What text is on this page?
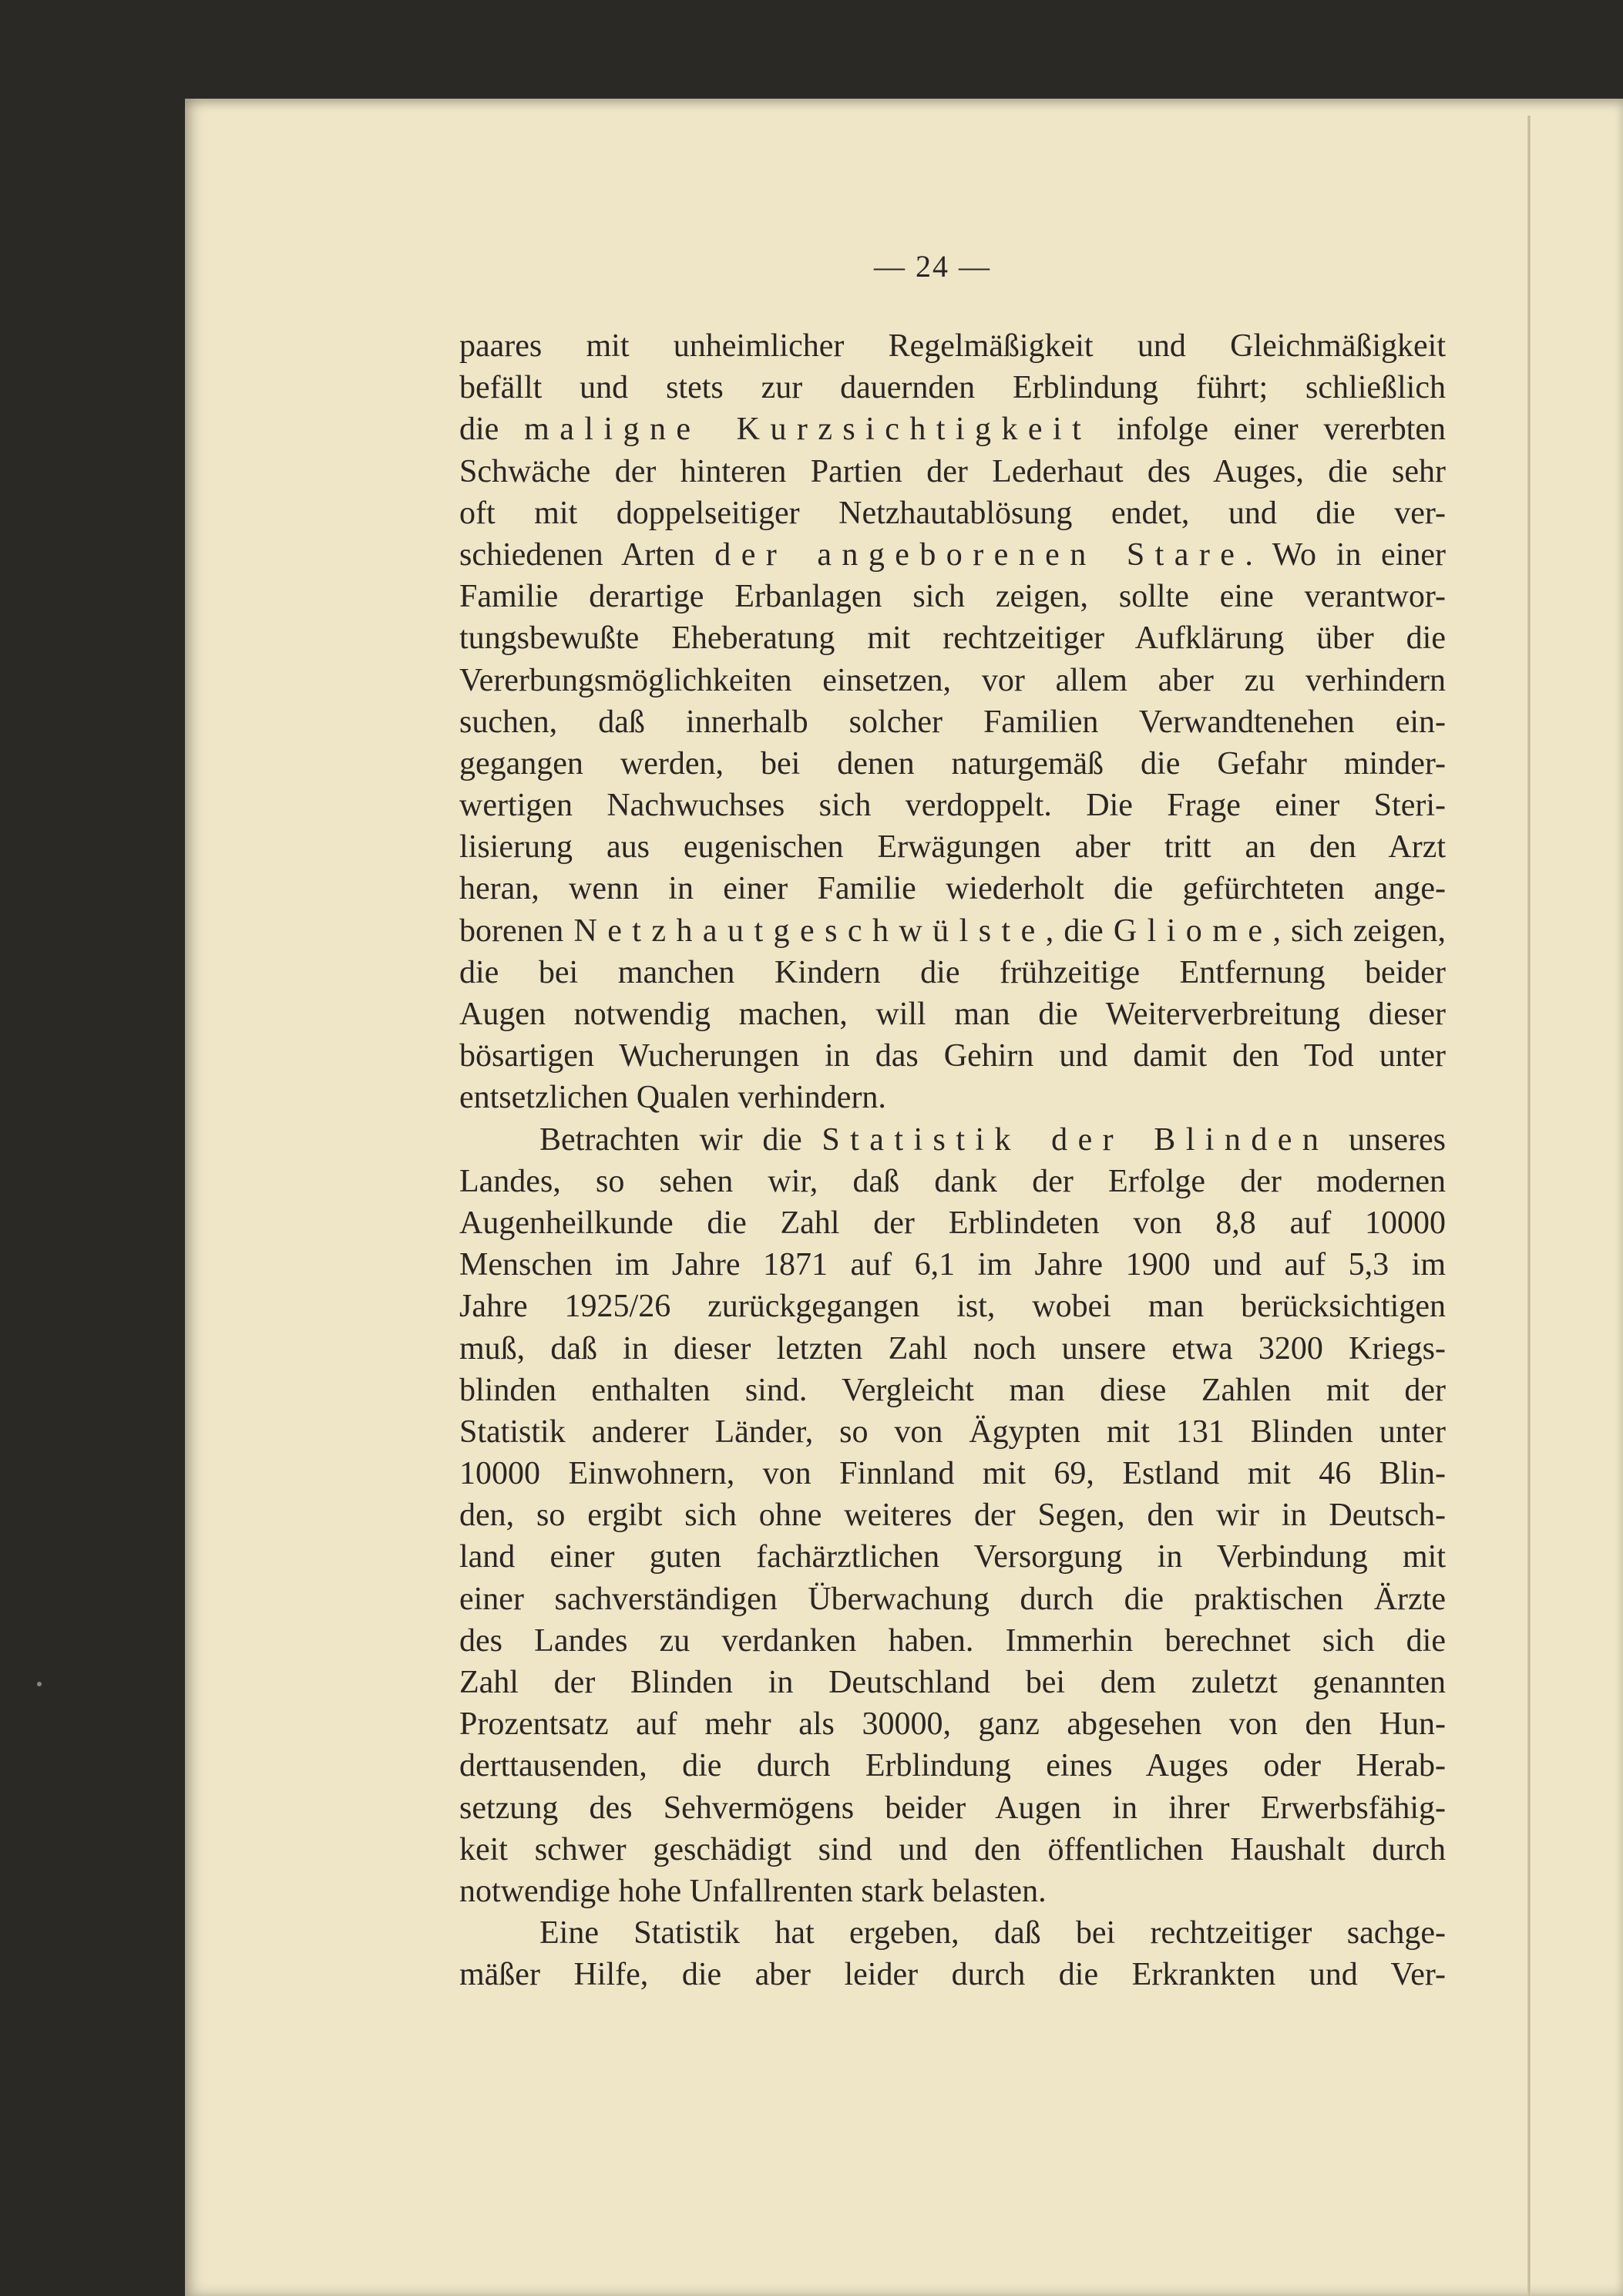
— 24 —
paares mit unheimlicher Regelmäßigkeit und Gleichmäßigkeit
befällt und stets zur dauernden Erblindung führt; schließlich
die maligne Kurzsichtigkeit infolge einer vererbten
Schwäche der hinteren Partien der Lederhaut des Auges, die sehr
oft mit doppelseitiger Netzhautablösung endet, und die ver-
schiedenen Arten der angeborenen Stare. Wo in einer
Familie derartige Erbanlagen sich zeigen, sollte eine verantwor-
tungsbewußte Eheberatung mit rechtzeitiger Aufklärung über die
Vererbungsmöglichkeiten einsetzen, vor allem aber zu verhindern
suchen, daß innerhalb solcher Familien Verwandtenehen ein-
gegangen werden, bei denen naturgemäß die Gefahr minder-
wertigen Nachwuchses sich verdoppelt. Die Frage einer Steri-
lisierung aus eugenischen Erwägungen aber tritt an den Arzt
heran, wenn in einer Familie wiederholt die gefürchteten ange-
borenen Netzhautgeschwülste, die Gliome, sich zeigen,
die bei manchen Kindern die frühzeitige Entfernung beider
Augen notwendig machen, will man die Weiterverbreitung dieser
bösartigen Wucherungen in das Gehirn und damit den Tod unter
entsetzlichen Qualen verhindern.
Betrachten wir die Statistik der Blinden unseres
Landes, so sehen wir, daß dank der Erfolge der modernen
Augenheilkunde die Zahl der Erblindeten von 8,8 auf 10000
Menschen im Jahre 1871 auf 6,1 im Jahre 1900 und auf 5,3 im
Jahre 1925/26 zurückgegangen ist, wobei man berücksichtigen
muß, daß in dieser letzten Zahl noch unsere etwa 3200 Kriegs-
blinden enthalten sind. Vergleicht man diese Zahlen mit der
Statistik anderer Länder, so von Ägypten mit 131 Blinden unter
10000 Einwohnern, von Finnland mit 69, Estland mit 46 Blin-
den, so ergibt sich ohne weiteres der Segen, den wir in Deutsch-
land einer guten fachärztlichen Versorgung in Verbindung mit
einer sachverständigen Überwachung durch die praktischen Ärzte
des Landes zu verdanken haben. Immerhin berechnet sich die
Zahl der Blinden in Deutschland bei dem zuletzt genannten
Prozentsatz auf mehr als 30000, ganz abgesehen von den Hun-
derttausenden, die durch Erblindung eines Auges oder Herab-
setzung des Sehvermögens beider Augen in ihrer Erwerbsfähig-
keit schwer geschädigt sind und den öffentlichen Haushalt durch
notwendige hohe Unfallrenten stark belasten.
Eine Statistik hat ergeben, daß bei rechtzeitiger sachge-
mäßer Hilfe, die aber leider durch die Erkrankten und Ver-
